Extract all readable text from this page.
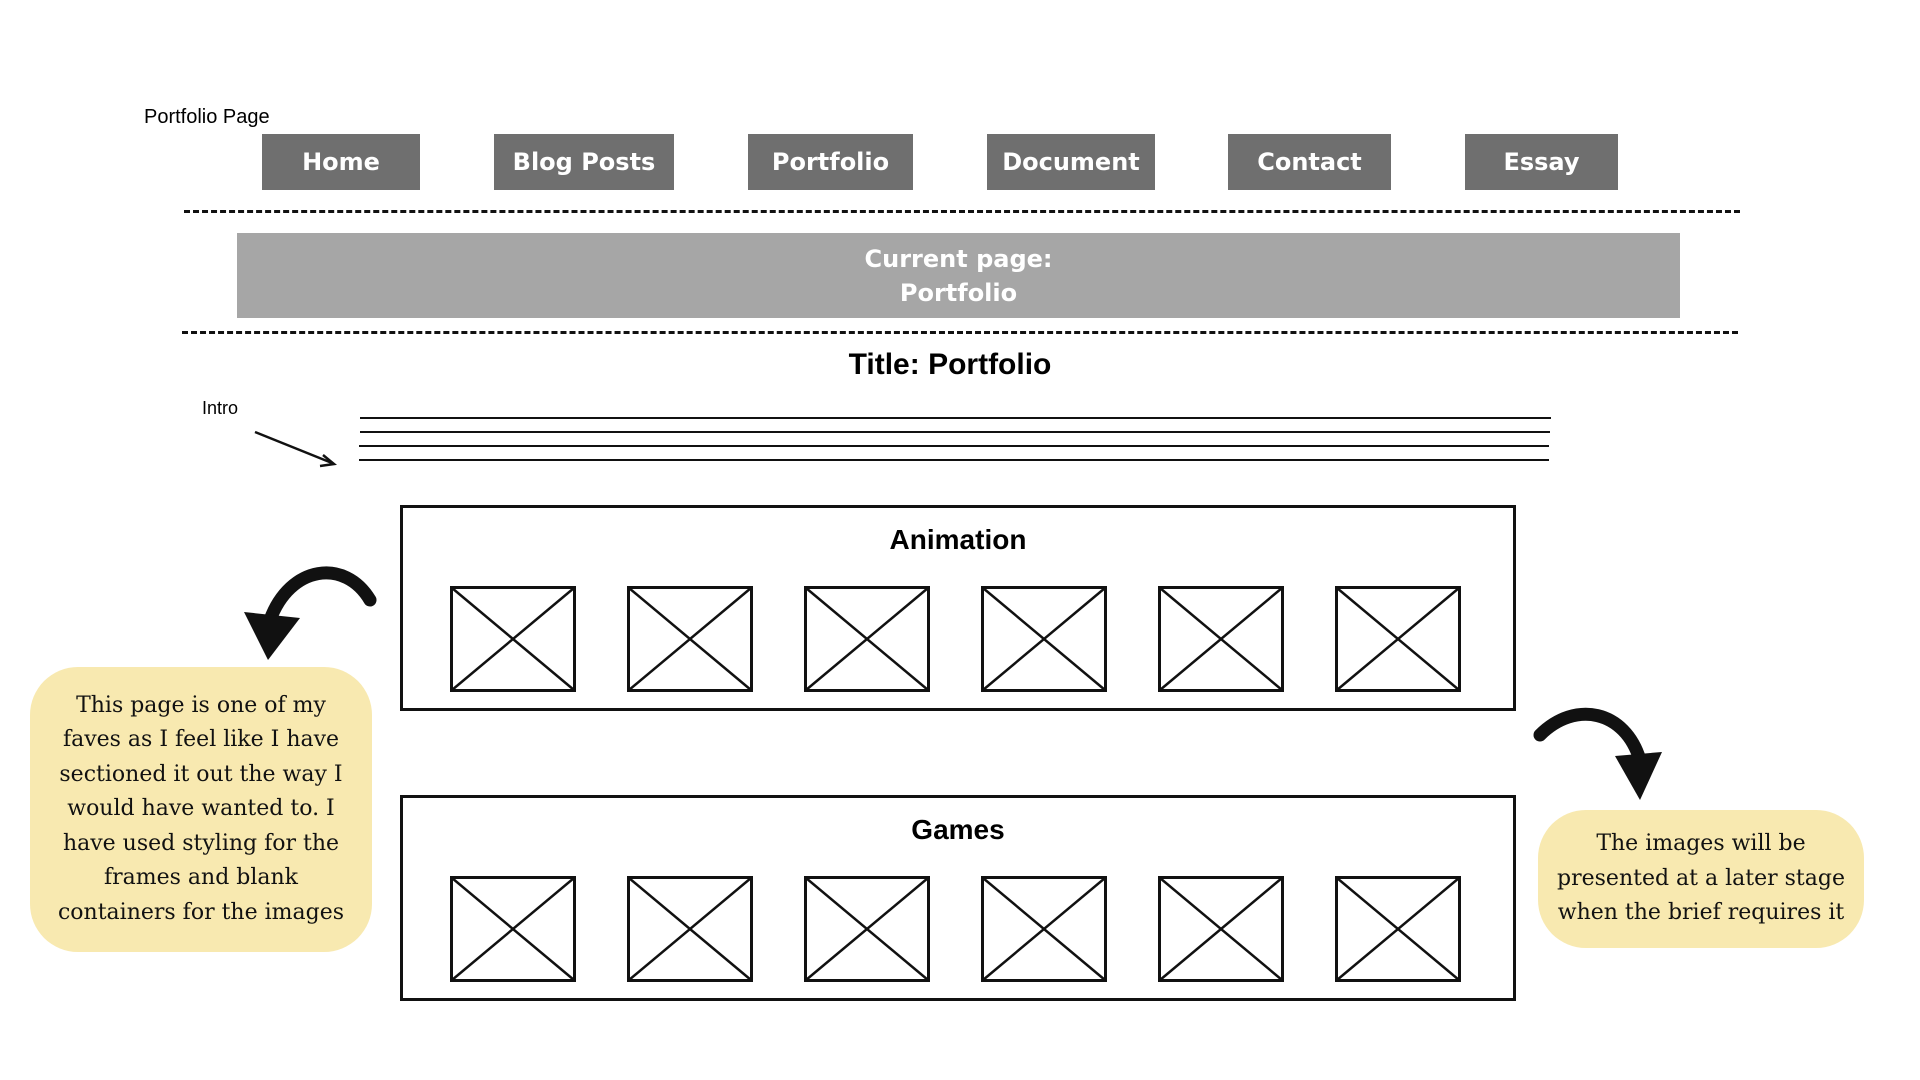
Portfolio Page
Home	Blog Posts	Portfolio	Document	Contact	Essay
Current page:
Portfolio
Title: Portfolio
Intro
Animation
Games
This page is one of my faves as I feel like I have sectioned it out the way I would have wanted to. I have used styling for the frames and blank containers for the images
The images will be presented at a later stage when the brief requires it
